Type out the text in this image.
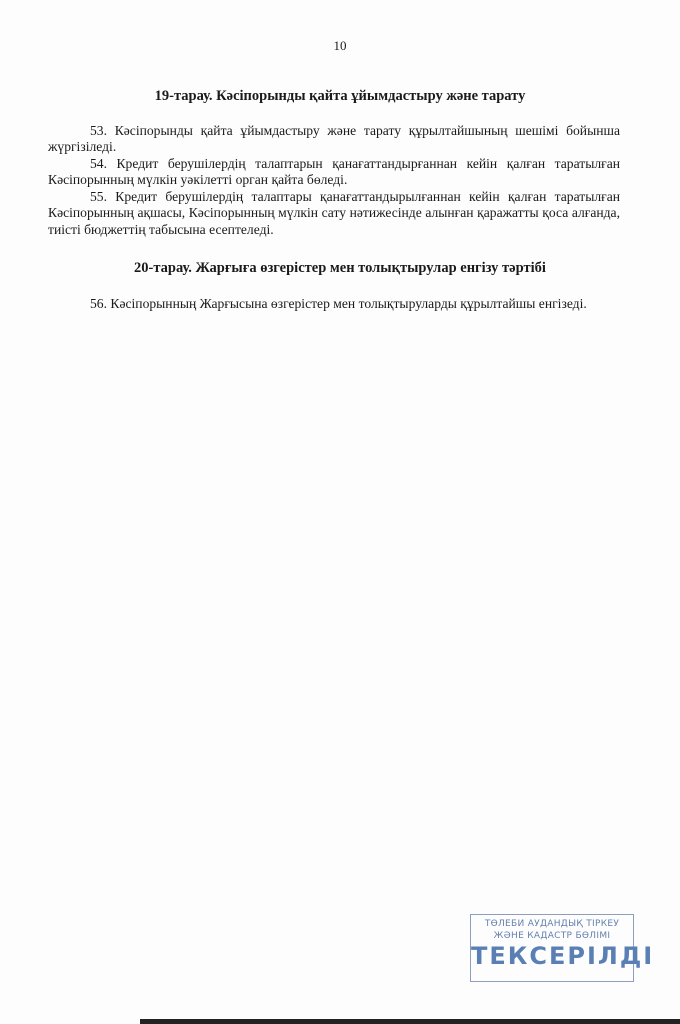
10
19-тарау. Кәсіпорынды қайта ұйымдастыру және тарату
53. Кәсіпорынды қайта ұйымдастыру және тарату құрылтайшының шешімі бойынша жүргізіледі.
54. Кредит берушілердің талаптарын қанағаттандырғаннан кейін қалған таратылған Кәсіпорынның мүлкін уәкілетті орган қайта бөледі.
55. Кредит берушілердің талаптары қанағаттандырылғаннан кейін қалған таратылған Кәсіпорынның ақшасы, Кәсіпорынның мүлкін сату нәтижесінде алынған қаражатты қоса алғанда, тиісті бюджеттің табысына есептеледі.
20-тарау. Жарғыға өзгерістер мен толықтырулар енгізу тәртібі
56. Кәсіпорынның Жарғысына өзгерістер мен толықтыруларды құрылтайшы енгізеді.
ТӨЛЕБИ АУДАНДЫҚ ТІРКЕУ
ЖӘНЕ КАДАСТР БӨЛІМІ
ТЕКСЕРІЛДІ
